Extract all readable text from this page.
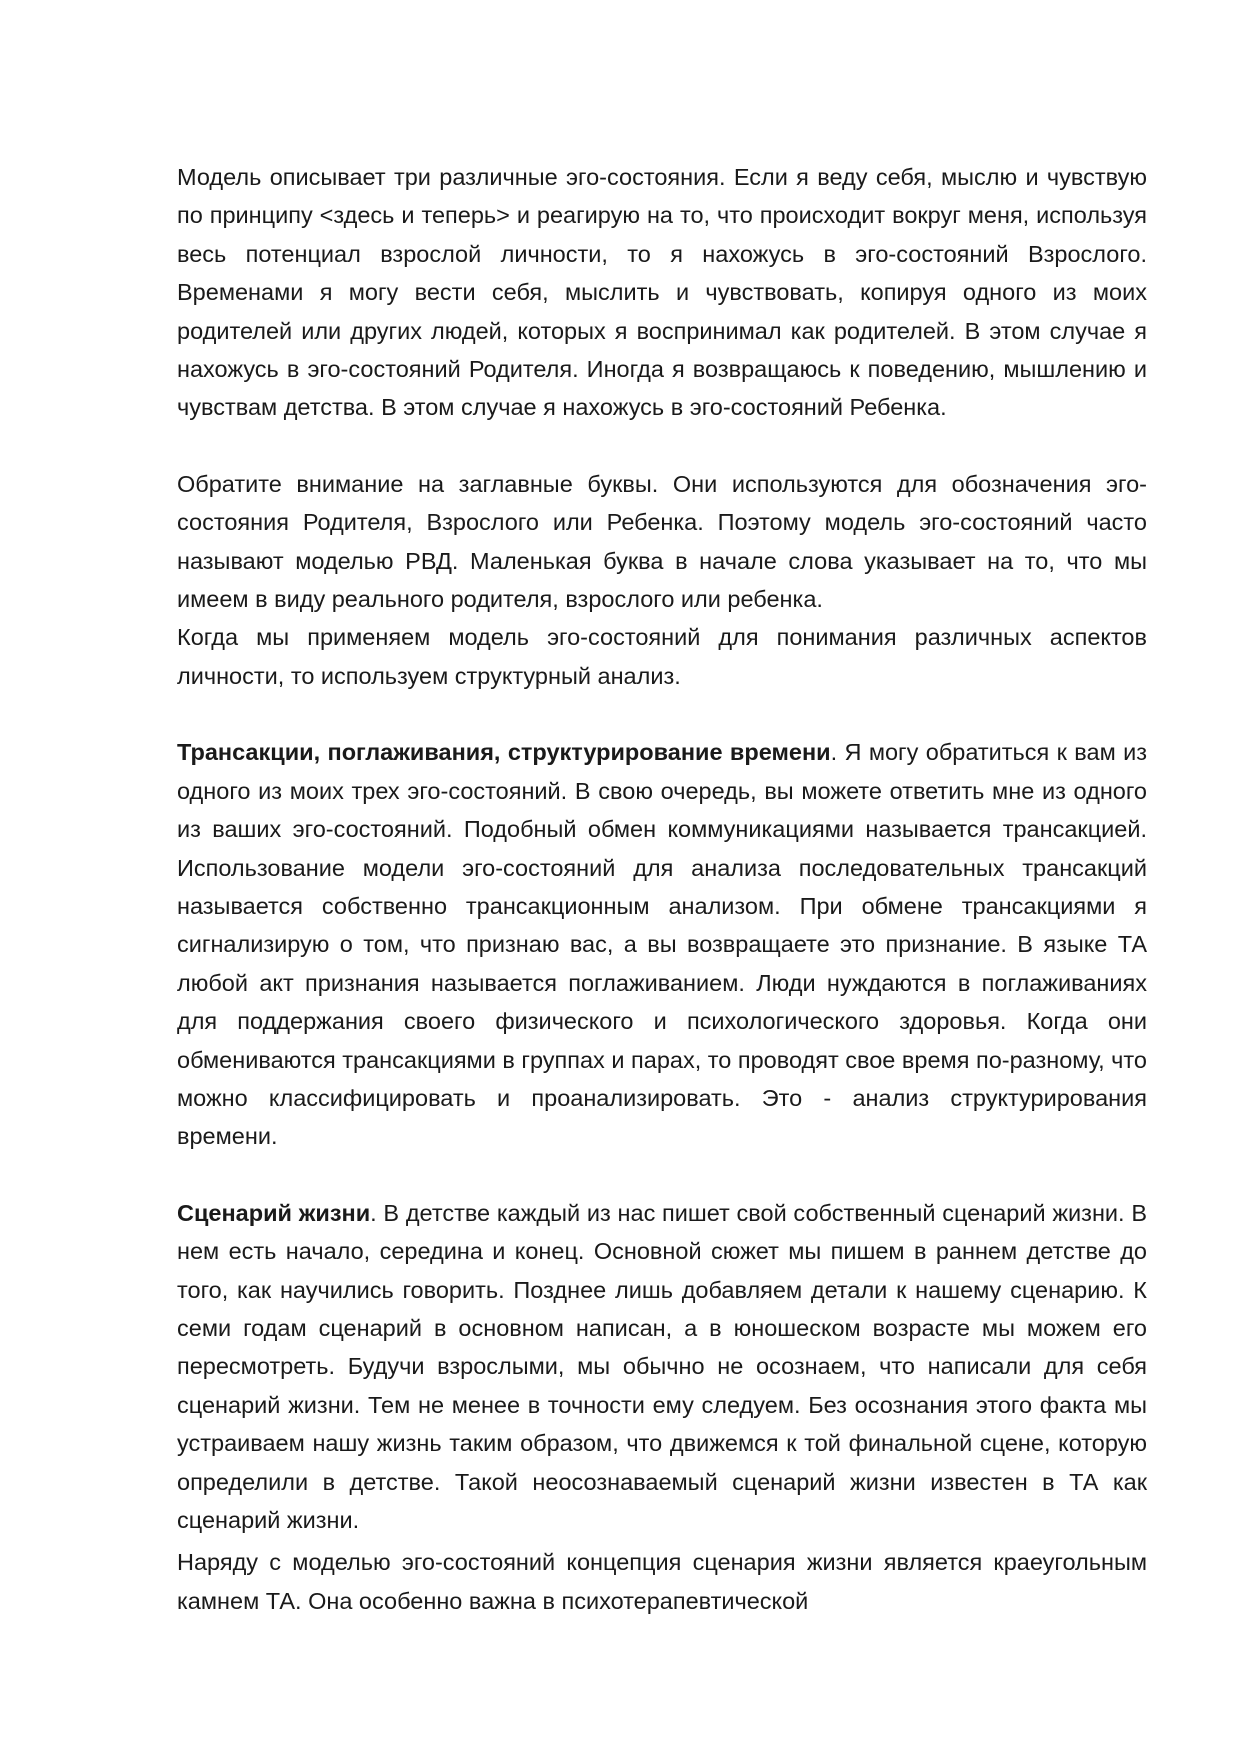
Модель описывает три различные эго-состояния. Если я веду себя, мыслю и чувствую по принципу <здесь и теперь> и реагирую на то, что происходит вокруг меня, используя весь потенциал взрослой личности, то я нахожусь в эго-состояний Взрослого. Временами я могу вести себя, мыслить и чувствовать, копируя одного из моих родителей или других людей, которых я воспринимал как родителей. В этом случае я нахожусь в эго-состояний Родителя. Иногда я возвращаюсь к поведению, мышлению и чувствам детства. В этом случае я нахожусь в эго-состояний Ребенка.

Обратите внимание на заглавные буквы. Они используются для обозначения эго-состояния Родителя, Взрослого или Ребенка. Поэтому модель эго-состояний часто называют моделью РВД. Маленькая буква в начале слова указывает на то, что мы имеем в виду реального родителя, взрослого или ребенка.

Когда мы применяем модель эго-состояний для понимания различных аспектов личности, то используем структурный анализ.

Трансакции, поглаживания, структурирование времени. Я могу обратиться к вам из одного из моих трех эго-состояний. В свою очередь, вы можете ответить мне из одного из ваших эго-состояний. Подобный обмен коммуникациями называется трансакцией. Использование модели эго-состояний для анализа последовательных трансакций называется собственно трансакционным анализом. При обмене трансакциями я сигнализирую о том, что признаю вас, а вы возвращаете это признание. В языке ТА любой акт признания называется поглаживанием. Люди нуждаются в поглаживаниях для поддержания своего физического и психологического здоровья. Когда они обмениваются трансакциями в группах и парах, то проводят свое время по-разному, что можно классифицировать и проанализировать. Это - анализ структурирования времени.

Сценарий жизни. В детстве каждый из нас пишет свой собственный сценарий жизни. В нем есть начало, середина и конец. Основной сюжет мы пишем в раннем детстве до того, как научились говорить. Позднее лишь добавляем детали к нашему сценарию. К семи годам сценарий в основном написан, а в юношеском возрасте мы можем его пересмотреть. Будучи взрослыми, мы обычно не осознаем, что написали для себя сценарий жизни. Тем не менее в точности ему следуем. Без осознания этого факта мы устраиваем нашу жизнь таким образом, что движемся к той финальной сцене, которую определили в детстве. Такой неосознаваемый сценарий жизни известен в ТА как сценарий жизни.

Наряду с моделью эго-состояний концепция сценария жизни является краеугольным камнем ТА. Она особенно важна в психотерапевтической
